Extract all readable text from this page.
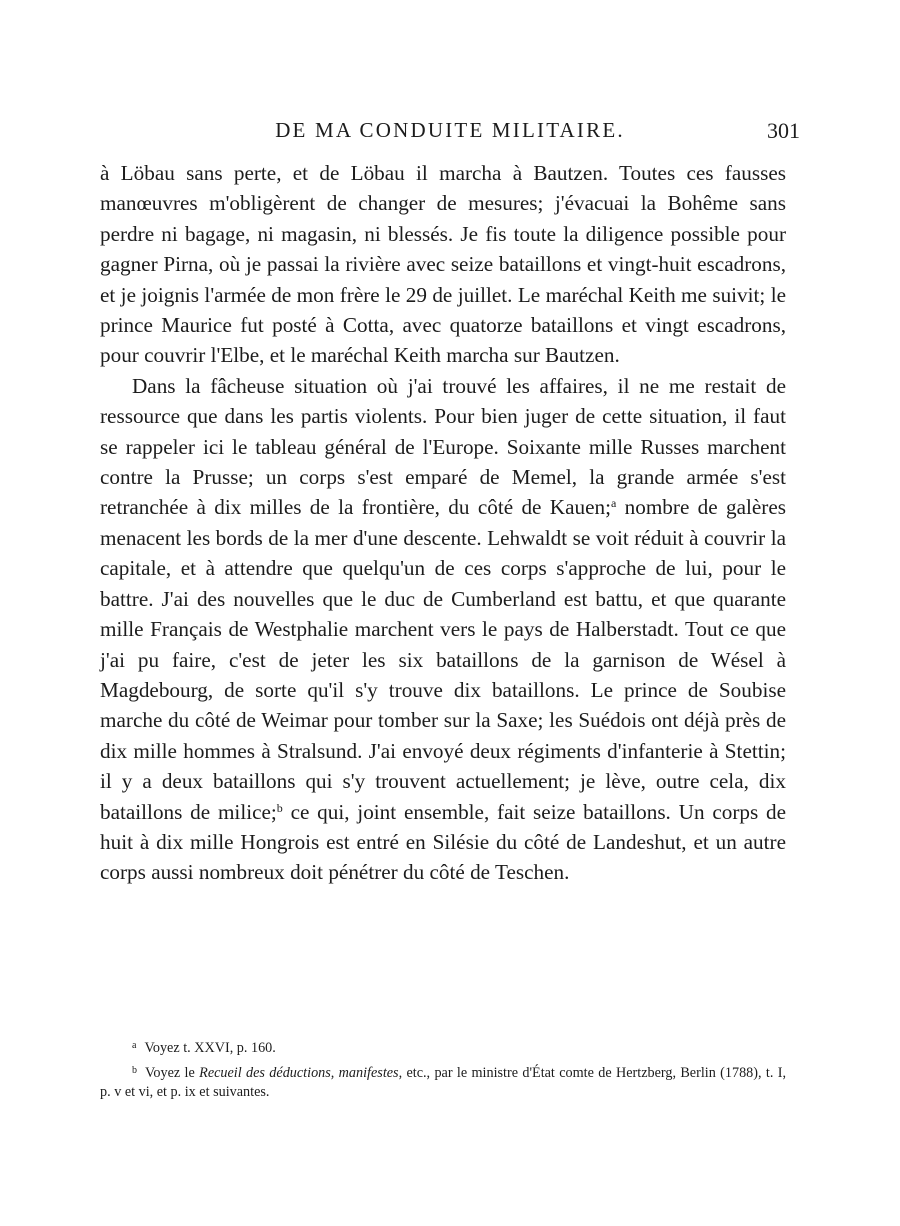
DE MA CONDUITE MILITAIRE.	301

à Löbau sans perte, et de Löbau il marcha à Bautzen. Toutes ces fausses manœuvres m'obligèrent de changer de mesures; j'évacuai la Bohême sans perdre ni bagage, ni magasin, ni blessés. Je fis toute la diligence possible pour gagner Pirna, où je passai la rivière avec seize bataillons et vingt-huit escadrons, et je joignis l'armée de mon frère le 29 de juillet. Le maréchal Keith me suivit; le prince Maurice fut posté à Cotta, avec quatorze bataillons et vingt escadrons, pour couvrir l'Elbe, et le maréchal Keith marcha sur Bautzen.

Dans la fâcheuse situation où j'ai trouvé les affaires, il ne me restait de ressource que dans les partis violents. Pour bien juger de cette situation, il faut se rappeler ici le tableau général de l'Europe. Soixante mille Russes marchent contre la Prusse; un corps s'est emparé de Memel, la grande armée s'est retranchée à dix milles de la frontière, du côté de Kauen;$^a$ nombre de galères menacent les bords de la mer d'une descente. Lehwaldt se voit réduit à couvrir la capitale, et à attendre que quelqu'un de ces corps s'approche de lui, pour le battre. J'ai des nouvelles que le duc de Cumberland est battu, et que quarante mille Français de Westphalie marchent vers le pays de Halberstadt. Tout ce que j'ai pu faire, c'est de jeter les six bataillons de la garnison de Wésel à Magdebourg, de sorte qu'il s'y trouve dix bataillons. Le prince de Soubise marche du côté de Weimar pour tomber sur la Saxe; les Suédois ont déjà près de dix mille hommes à Stralsund. J'ai envoyé deux régiments d'infanterie à Stettin; il y a deux bataillons qui s'y trouvent actuellement; je lève, outre cela, dix bataillons de milice;$^b$ ce qui, joint ensemble, fait seize bataillons. Un corps de huit à dix mille Hongrois est entré en Silésie du côté de Landeshut, et un autre corps aussi nombreux doit pénétrer du côté de Teschen.

$^a$ Voyez t. XXVI, p. 160.

$^b$ Voyez le Recueil des déductions, manifestes, etc., par le ministre d'État comte de Hertzberg, Berlin (1788), t. I, p. v et vi, et p. ix et suivantes.
